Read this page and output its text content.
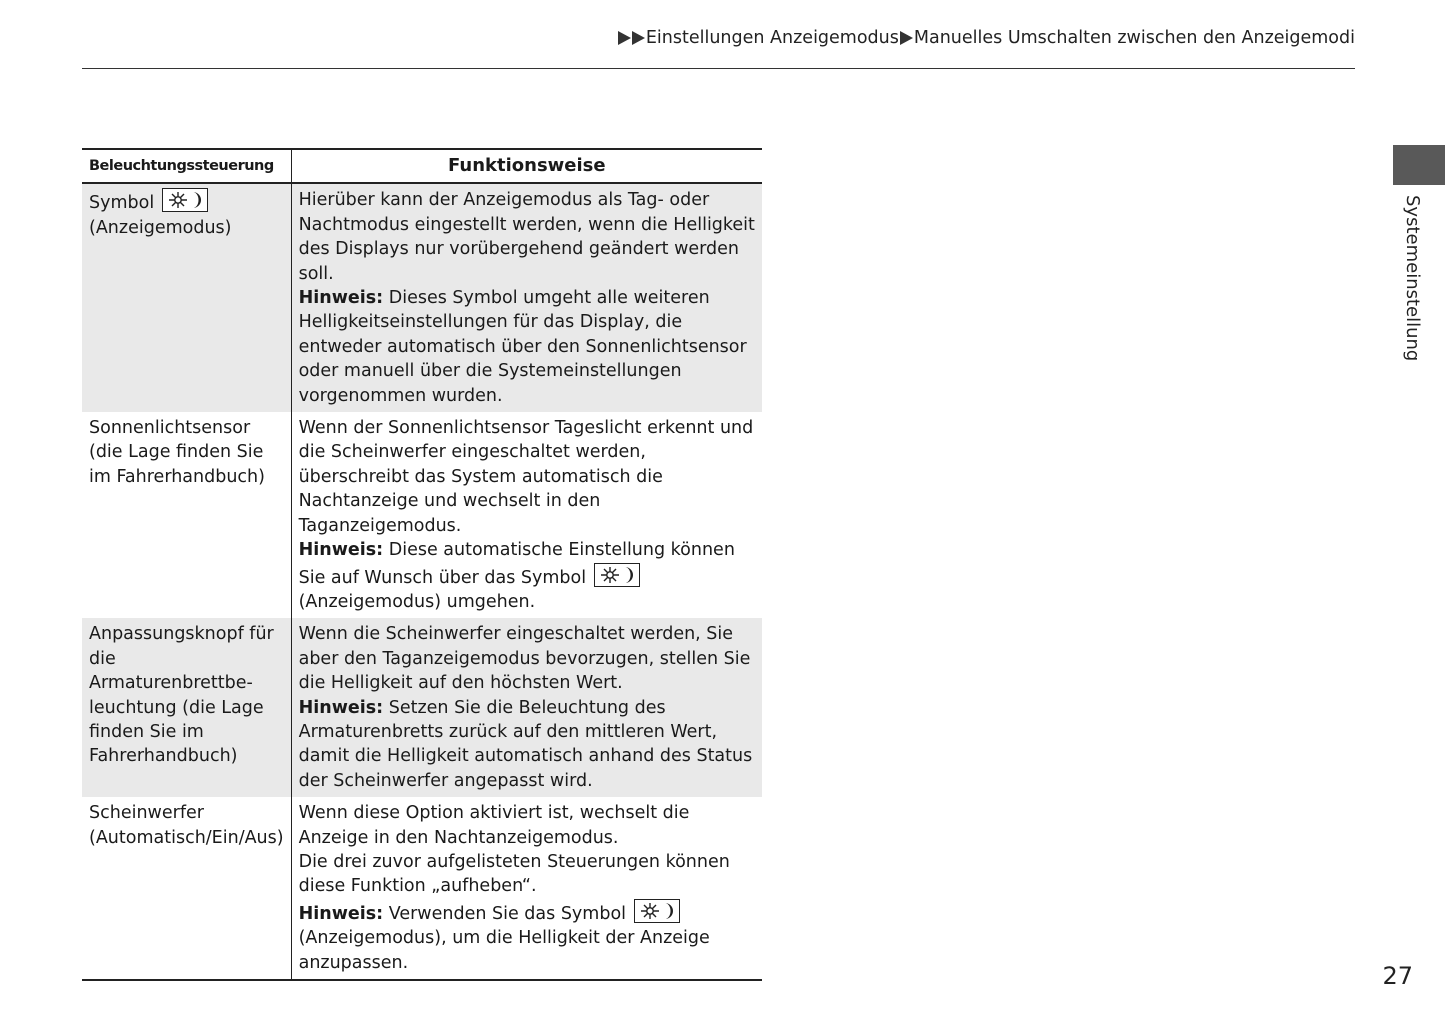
Einstellungen Anzeigemodus Manuelles Umschalten zwischen den Anzeigemodi
Systemeinstellung
Beleuchtungssteuerung	Funktionsweise
Symbol

(Anzeigemodus)	Hierüber kann der Anzeigemodus als Tag- oder Nachtmodus eingestellt werden, wenn die Helligkeit des Displays nur vorübergehend geändert werden soll.
Hinweis: Dieses Symbol umgeht alle weiteren Helligkeitseinstellungen für das Display, die entweder automatisch über den Sonnenlichtsensor oder manuell über die Systemeinstellungen vorgenommen wurden.
Sonnenlichtsensor (die Lage finden Sie im Fahrerhandbuch)	Wenn der Sonnenlichtsensor Tageslicht erkennt und die Scheinwerfer eingeschaltet werden, überschreibt das System automatisch die Nachtanzeige und wechselt in den Taganzeigemodus.
Hinweis: Diese automatische Einstellung können Sie auf Wunsch über das Symbol
(Anzeigemodus) umgehen.
Anpassungsknopf für die Armaturenbrettbe-leuchtung (die Lage finden Sie im Fahrerhandbuch)	Wenn die Scheinwerfer eingeschaltet werden, Sie aber den Taganzeigemodus bevorzugen, stellen Sie die Helligkeit auf den höchsten Wert.
Hinweis: Setzen Sie die Beleuchtung des Armaturenbretts zurück auf den mittleren Wert, damit die Helligkeit automatisch anhand des Status der Scheinwerfer angepasst wird.
Scheinwerfer (Automatisch/Ein/Aus)	Wenn diese Option aktiviert ist, wechselt die Anzeige in den Nachtanzeigemodus.
Die drei zuvor aufgelisteten Steuerungen können diese Funktion „aufheben“.
Hinweis: Verwenden Sie das Symbol

(Anzeigemodus), um die Helligkeit der Anzeige anzupassen.	27
